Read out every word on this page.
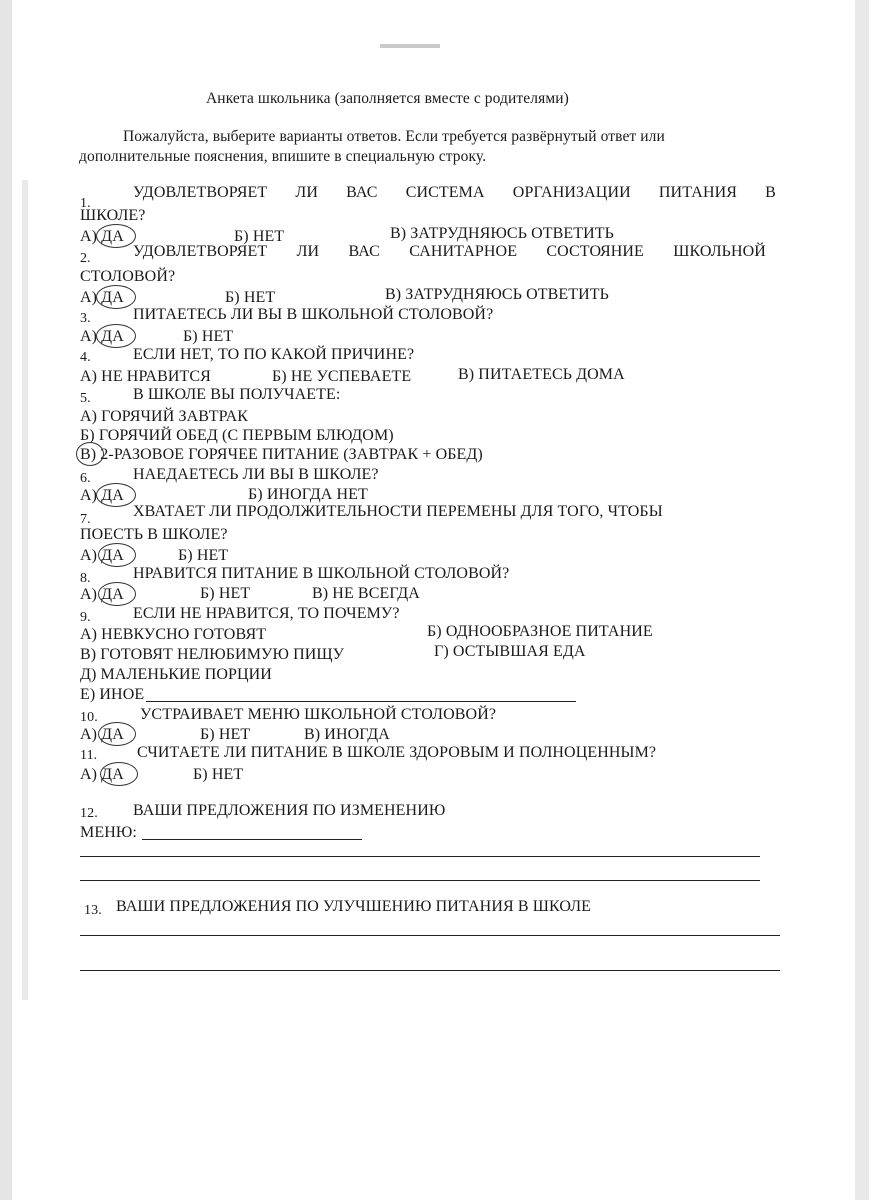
Анкета школьника (заполняется вместе с родителями)
Пожалуйста, выберите варианты ответов. Если требуется развёрнутый ответ или
дополнительные пояснения, впишите в специальную строку.
1.
УДОВЛЕТВОРЯЕТ ЛИ ВАС СИСТЕМА ОРГАНИЗАЦИИ ПИТАНИЯ В
ШКОЛЕ?
А) ДА	Б) НЕТ	В) ЗАТРУДНЯЮСЬ ОТВЕТИТЬ
2.	УДОВЛЕТВОРЯЕТ ЛИ ВАС САНИТАРНОЕ СОСТОЯНИЕ ШКОЛЬНОЙ
СТОЛОВОЙ?
А) ДА	Б) НЕТ	В) ЗАТРУДНЯЮСЬ ОТВЕТИТЬ
3.	ПИТАЕТЕСЬ ЛИ ВЫ В ШКОЛЬНОЙ СТОЛОВОЙ?
А) ДА	Б) НЕТ
4.	ЕСЛИ НЕТ, ТО ПО КАКОЙ ПРИЧИНЕ?
А) НЕ НРАВИТСЯ	Б) НЕ УСПЕВАЕТЕ	В) ПИТАЕТЕСЬ ДОМА
5.	В ШКОЛЕ ВЫ ПОЛУЧАЕТЕ:
А) ГОРЯЧИЙ ЗАВТРАК
Б) ГОРЯЧИЙ ОБЕД (С ПЕРВЫМ БЛЮДОМ)
В) 2-РАЗОВОЕ ГОРЯЧЕЕ ПИТАНИЕ (ЗАВТРАК + ОБЕД)
6.	НАЕДАЕТЕСЬ ЛИ ВЫ В ШКОЛЕ?
А) ДА	Б) ИНОГДА НЕТ
7.	ХВАТАЕТ ЛИ ПРОДОЛЖИТЕЛЬНОСТИ ПЕРЕМЕНЫ ДЛЯ ТОГО, ЧТОБЫ
ПОЕСТЬ В ШКОЛЕ?
А) ДА	Б) НЕТ
8.	НРАВИТСЯ ПИТАНИЕ В ШКОЛЬНОЙ СТОЛОВОЙ?
А) ДА	Б) НЕТ	В) НЕ ВСЕГДА
9.	ЕСЛИ НЕ НРАВИТСЯ, ТО ПОЧЕМУ?
А) НЕВКУСНО ГОТОВЯТ	Б) ОДНООБРАЗНОЕ ПИТАНИЕ
В) ГОТОВЯТ НЕЛЮБИМУЮ ПИЩУ	Г) ОСТЫВШАЯ ЕДА
Д) МАЛЕНЬКИЕ ПОРЦИИ
Е) ИНОЕ
10.	УСТРАИВАЕТ МЕНЮ ШКОЛЬНОЙ СТОЛОВОЙ?
А) ДА	Б) НЕТ	В) ИНОГДА
11. СЧИТАЕТЕ ЛИ ПИТАНИЕ В ШКОЛЕ ЗДОРОВЫМ И ПОЛНОЦЕННЫМ?
А) ДА	Б) НЕТ
12. ВАШИ ПРЕДЛОЖЕНИЯ ПО ИЗМЕНЕНИЮ
МЕНЮ:
13. ВАШИ ПРЕДЛОЖЕНИЯ ПО УЛУЧШЕНИЮ ПИТАНИЯ В ШКОЛЕ
